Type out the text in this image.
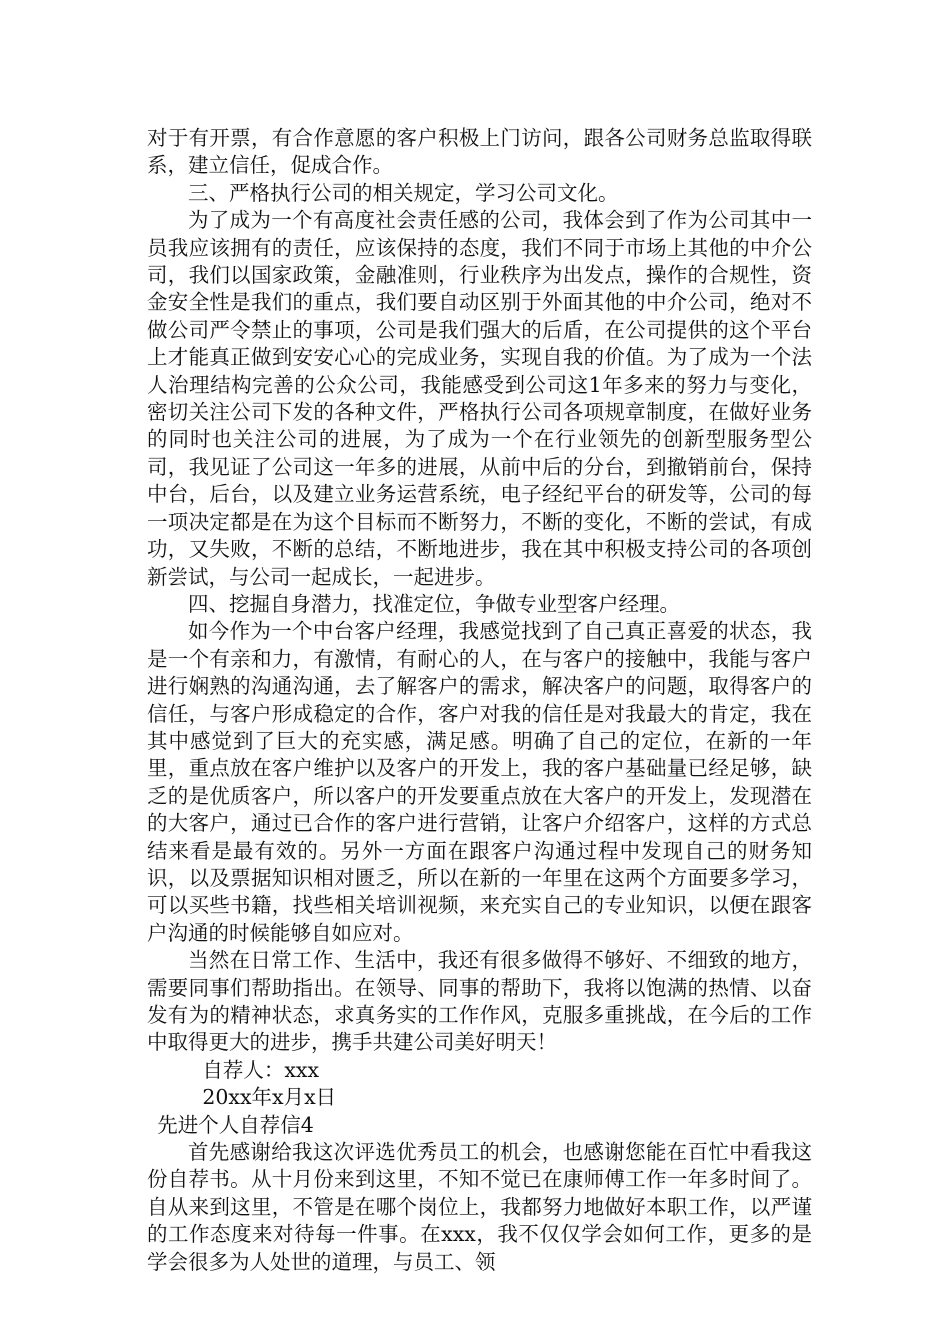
对于有开票，有合作意愿的客户积极上门访问，跟各公司财务总监取得联系，建立信任，促成合作。

三、严格执行公司的相关规定，学习公司文化。

为了成为一个有高度社会责任感的公司，我体会到了作为公司其中一员我应该拥有的责任，应该保持的态度，我们不同于市场上其他的中介公司，我们以国家政策，金融准则，行业秩序为出发点，操作的合规性，资金安全性是我们的重点，我们要自动区别于外面其他的中介公司，绝对不做公司严令禁止的事项，公司是我们强大的后盾，在公司提供的这个平台上才能真正做到安安心心的完成业务，实现自我的价值。为了成为一个法人治理结构完善的公众公司，我能感受到公司这1年多来的努力与变化，密切关注公司下发的各种文件，严格执行公司各项规章制度，在做好业务的同时也关注公司的进展，为了成为一个在行业领先的创新型服务型公司，我见证了公司这一年多的进展，从前中后的分台，到撤销前台，保持中台，后台，以及建立业务运营系统，电子经纪平台的研发等，公司的每一项决定都是在为这个目标而不断努力，不断的变化，不断的尝试，有成功，又失败，不断的总结，不断地进步，我在其中积极支持公司的各项创新尝试，与公司一起成长，一起进步。

四、挖掘自身潜力，找准定位，争做专业型客户经理。

如今作为一个中台客户经理，我感觉找到了自己真正喜爱的状态，我是一个有亲和力，有激情，有耐心的人，在与客户的接触中，我能与客户进行娴熟的沟通沟通，去了解客户的需求，解决客户的问题，取得客户的信任，与客户形成稳定的合作，客户对我的信任是对我最大的肯定，我在其中感觉到了巨大的充实感，满足感。明确了自己的定位，在新的一年里，重点放在客户维护以及客户的开发上，我的客户基础量已经足够，缺乏的是优质客户，所以客户的开发要重点放在大客户的开发上，发现潜在的大客户，通过已合作的客户进行营销，让客户介绍客户，这样的方式总结来看是最有效的。另外一方面在跟客户沟通过程中发现自己的财务知识，以及票据知识相对匮乏，所以在新的一年里在这两个方面要多学习，可以买些书籍，找些相关培训视频，来充实自己的专业知识，以便在跟客户沟通的时候能够自如应对。

当然在日常工作、生活中，我还有很多做得不够好、不细致的地方，需要同事们帮助指出。在领导、同事的帮助下，我将以饱满的热情、以奋发有为的精神状态，求真务实的工作作风，克服多重挑战，在今后的工作中取得更大的进步，携手共建公司美好明天！

自荐人：xxx

20xx年x月x日

先进个人自荐信4

首先感谢给我这次评选优秀员工的机会，也感谢您能在百忙中看我这份自荐书。从十月份来到这里，不知不觉已在康师傅工作一年多时间了。自从来到这里，不管是在哪个岗位上，我都努力地做好本职工作，以严谨的工作态度来对待每一件事。在xxx，我不仅仅学会如何工作，更多的是学会很多为人处世的道理，与员工、领
